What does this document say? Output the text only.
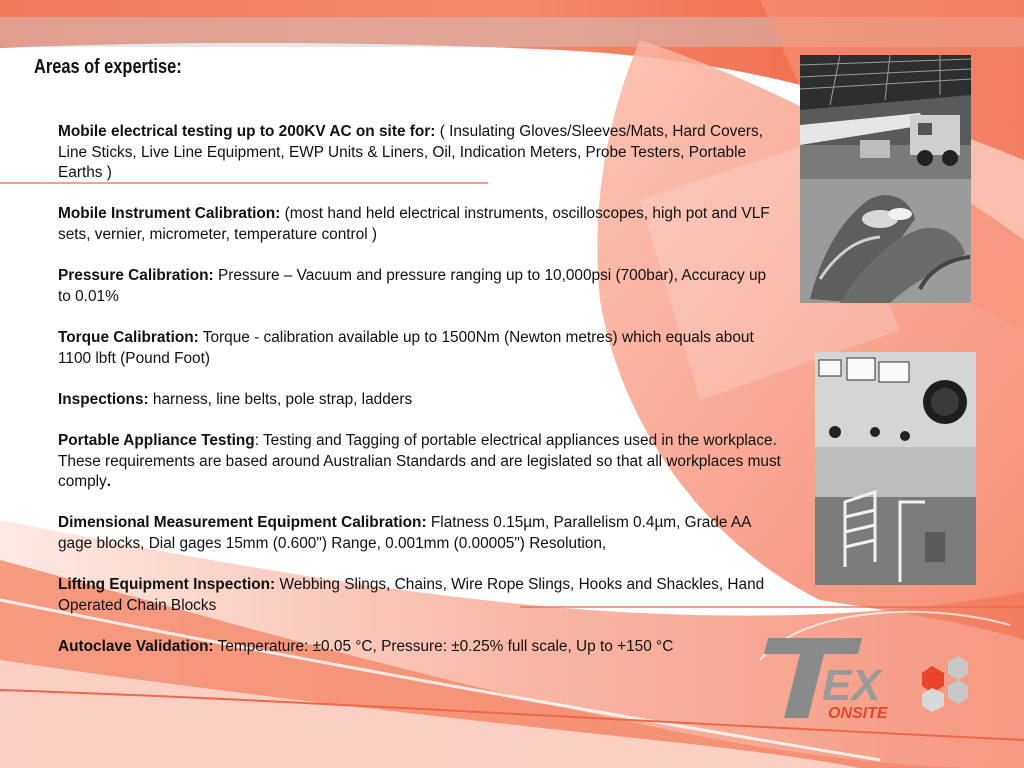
Areas of expertise:
Mobile electrical testing up to 200KV AC on site for: ( Insulating Gloves/Sleeves/Mats, Hard Covers, Line Sticks, Live Line Equipment, EWP Units & Liners, Oil, Indication Meters, Probe Testers, Portable Earths )
Mobile Instrument Calibration: (most hand held electrical instruments, oscilloscopes, high pot and VLF sets, vernier, micrometer, temperature control )
Pressure Calibration: Pressure – Vacuum and pressure ranging up to 10,000psi (700bar), Accuracy up to 0.01%
Torque Calibration: Torque - calibration available up to 1500Nm (Newton metres) which equals about 1100 lbft (Pound Foot)
Inspections: harness, line belts, pole strap, ladders
Portable Appliance Testing: Testing and Tagging of portable electrical appliances used in the workplace. These requirements are based around Australian Standards and are legislated so that all workplaces must comply.
Dimensional Measurement Equipment Calibration: Flatness 0.15µm, Parallelism 0.4µm, Grade AA gage blocks, Dial gages 15mm (0.600") Range, 0.001mm (0.00005") Resolution,
Lifting Equipment Inspection: Webbing Slings, Chains, Wire Rope Slings, Hooks and Shackles, Hand Operated Chain Blocks
Autoclave Validation: Temperature: ±0.05 °C, Pressure: ±0.25% full scale, Up to +150 °C
EX
ONSITE
